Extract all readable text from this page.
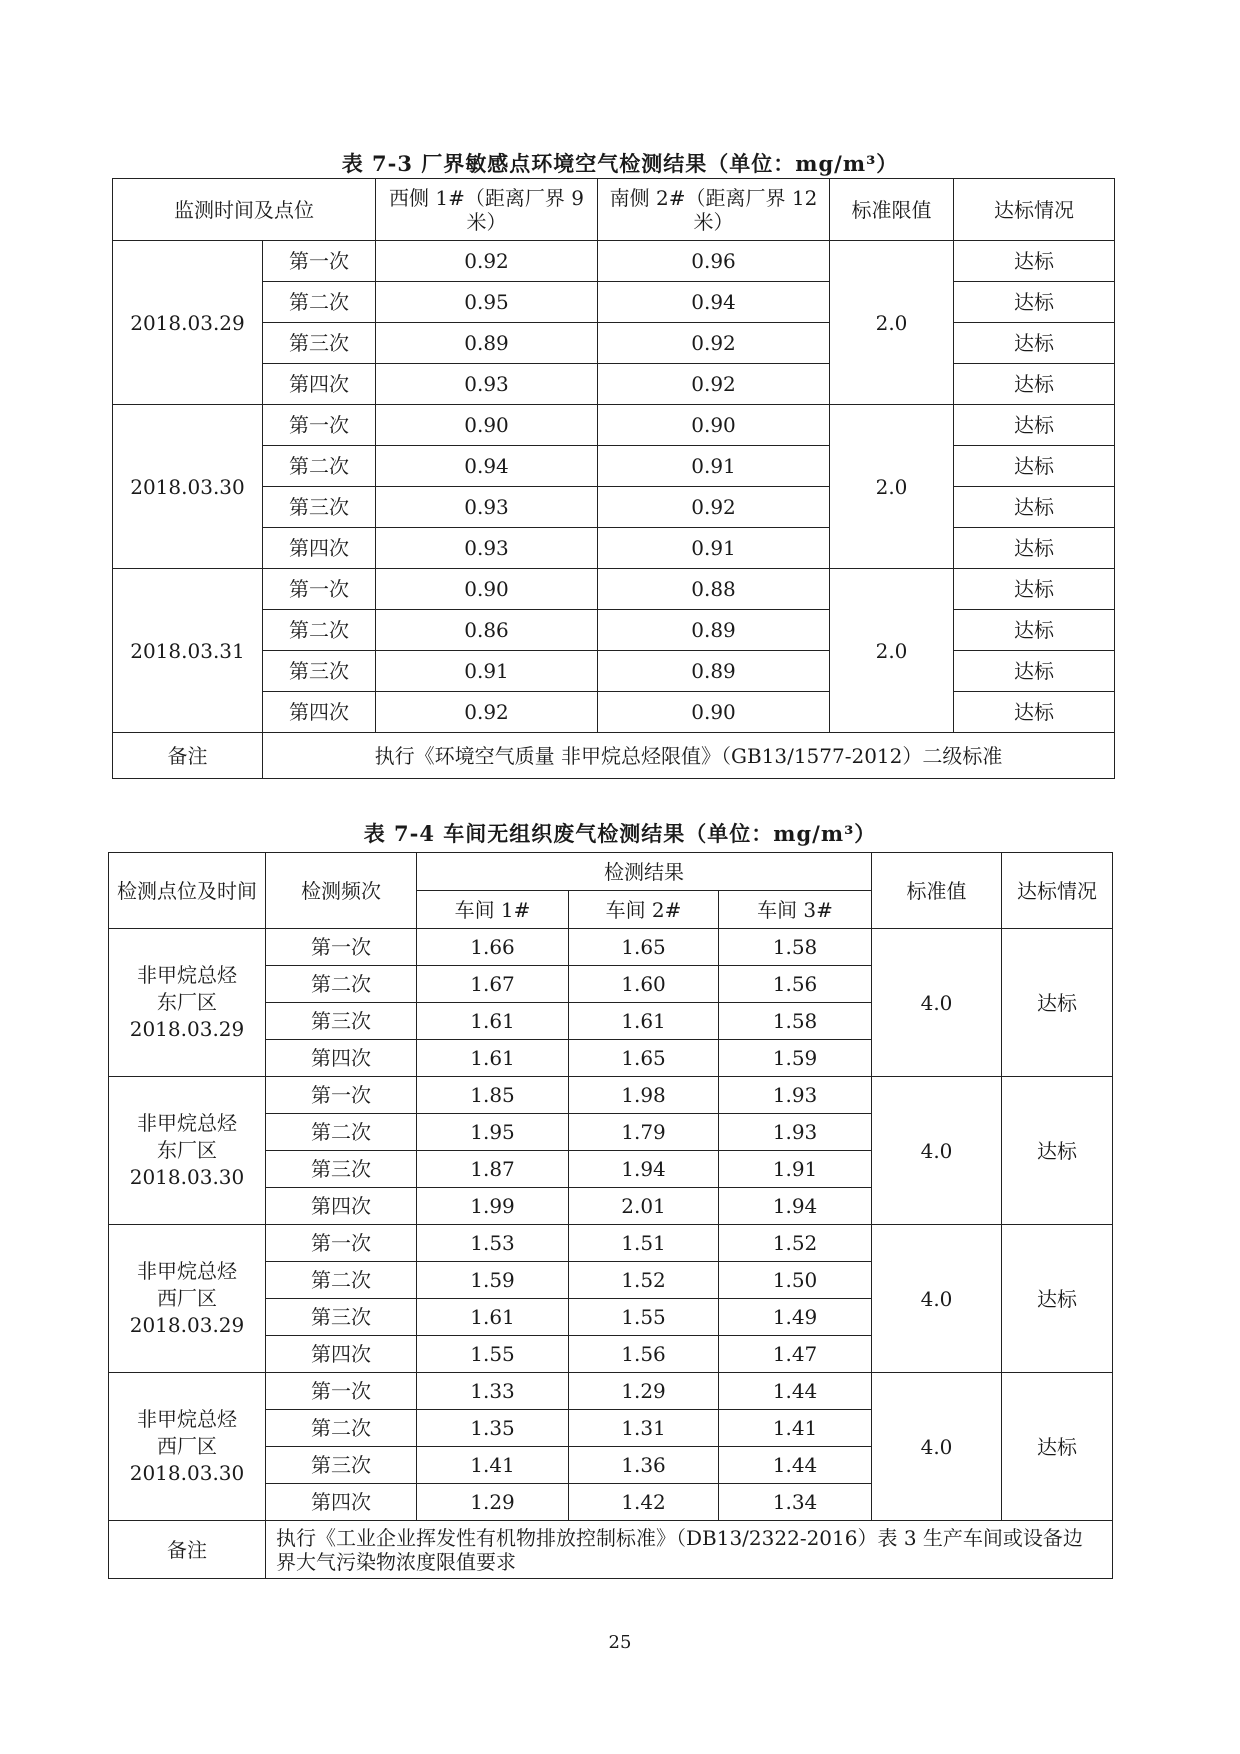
表 7-3 厂界敏感点环境空气检测结果（单位：mg/m³）
监测时间及点位		西侧 1#（距离厂界 9 米）	南侧 2#（距离厂界 12 米）	标准限值	达标情况
2018.03.29	第一次	0.92	0.96	2.0	达标
	第二次	0.95	0.94		达标
	第三次	0.89	0.92		达标
	第四次	0.93	0.92		达标
2018.03.30	第一次	0.90	0.90	2.0	达标
	第二次	0.94	0.91		达标
	第三次	0.93	0.92		达标
	第四次	0.93	0.91		达标
2018.03.31	第一次	0.90	0.88	2.0	达标
	第二次	0.86	0.89		达标
	第三次	0.91	0.89		达标
	第四次	0.92	0.90		达标
备注	执行《环境空气质量 非甲烷总烃限值》（GB13/1577-2012）二级标准				
表 7-4 车间无组织废气检测结果（单位：mg/m³）
检测点位及时间	检测频次	检测结果			标准值	达标情况
		车间 1#	车间 2#	车间 3#		
非甲烷总烃
东厂区
2018.03.29	第一次	1.66	1.65	1.58	4.0	达标
	第二次	1.67	1.60	1.56		
	第三次	1.61	1.61	1.58		
	第四次	1.61	1.65	1.59		
非甲烷总烃
东厂区
2018.03.30	第一次	1.85	1.98	1.93	4.0	达标
	第二次	1.95	1.79	1.93		
	第三次	1.87	1.94	1.91		
	第四次	1.99	2.01	1.94		
非甲烷总烃
西厂区
2018.03.29	第一次	1.53	1.51	1.52	4.0	达标
	第二次	1.59	1.52	1.50		
	第三次	1.61	1.55	1.49		
	第四次	1.55	1.56	1.47		
非甲烷总烃
西厂区
2018.03.30	第一次	1.33	1.29	1.44	4.0	达标
	第二次	1.35	1.31	1.41		
	第三次	1.41	1.36	1.44		
	第四次	1.29	1.42	1.34		
备注	执行《工业企业挥发性有机物排放控制标准》（DB13/2322-2016）表 3 生产车间或设备边界大气污染物浓度限值要求					
25
